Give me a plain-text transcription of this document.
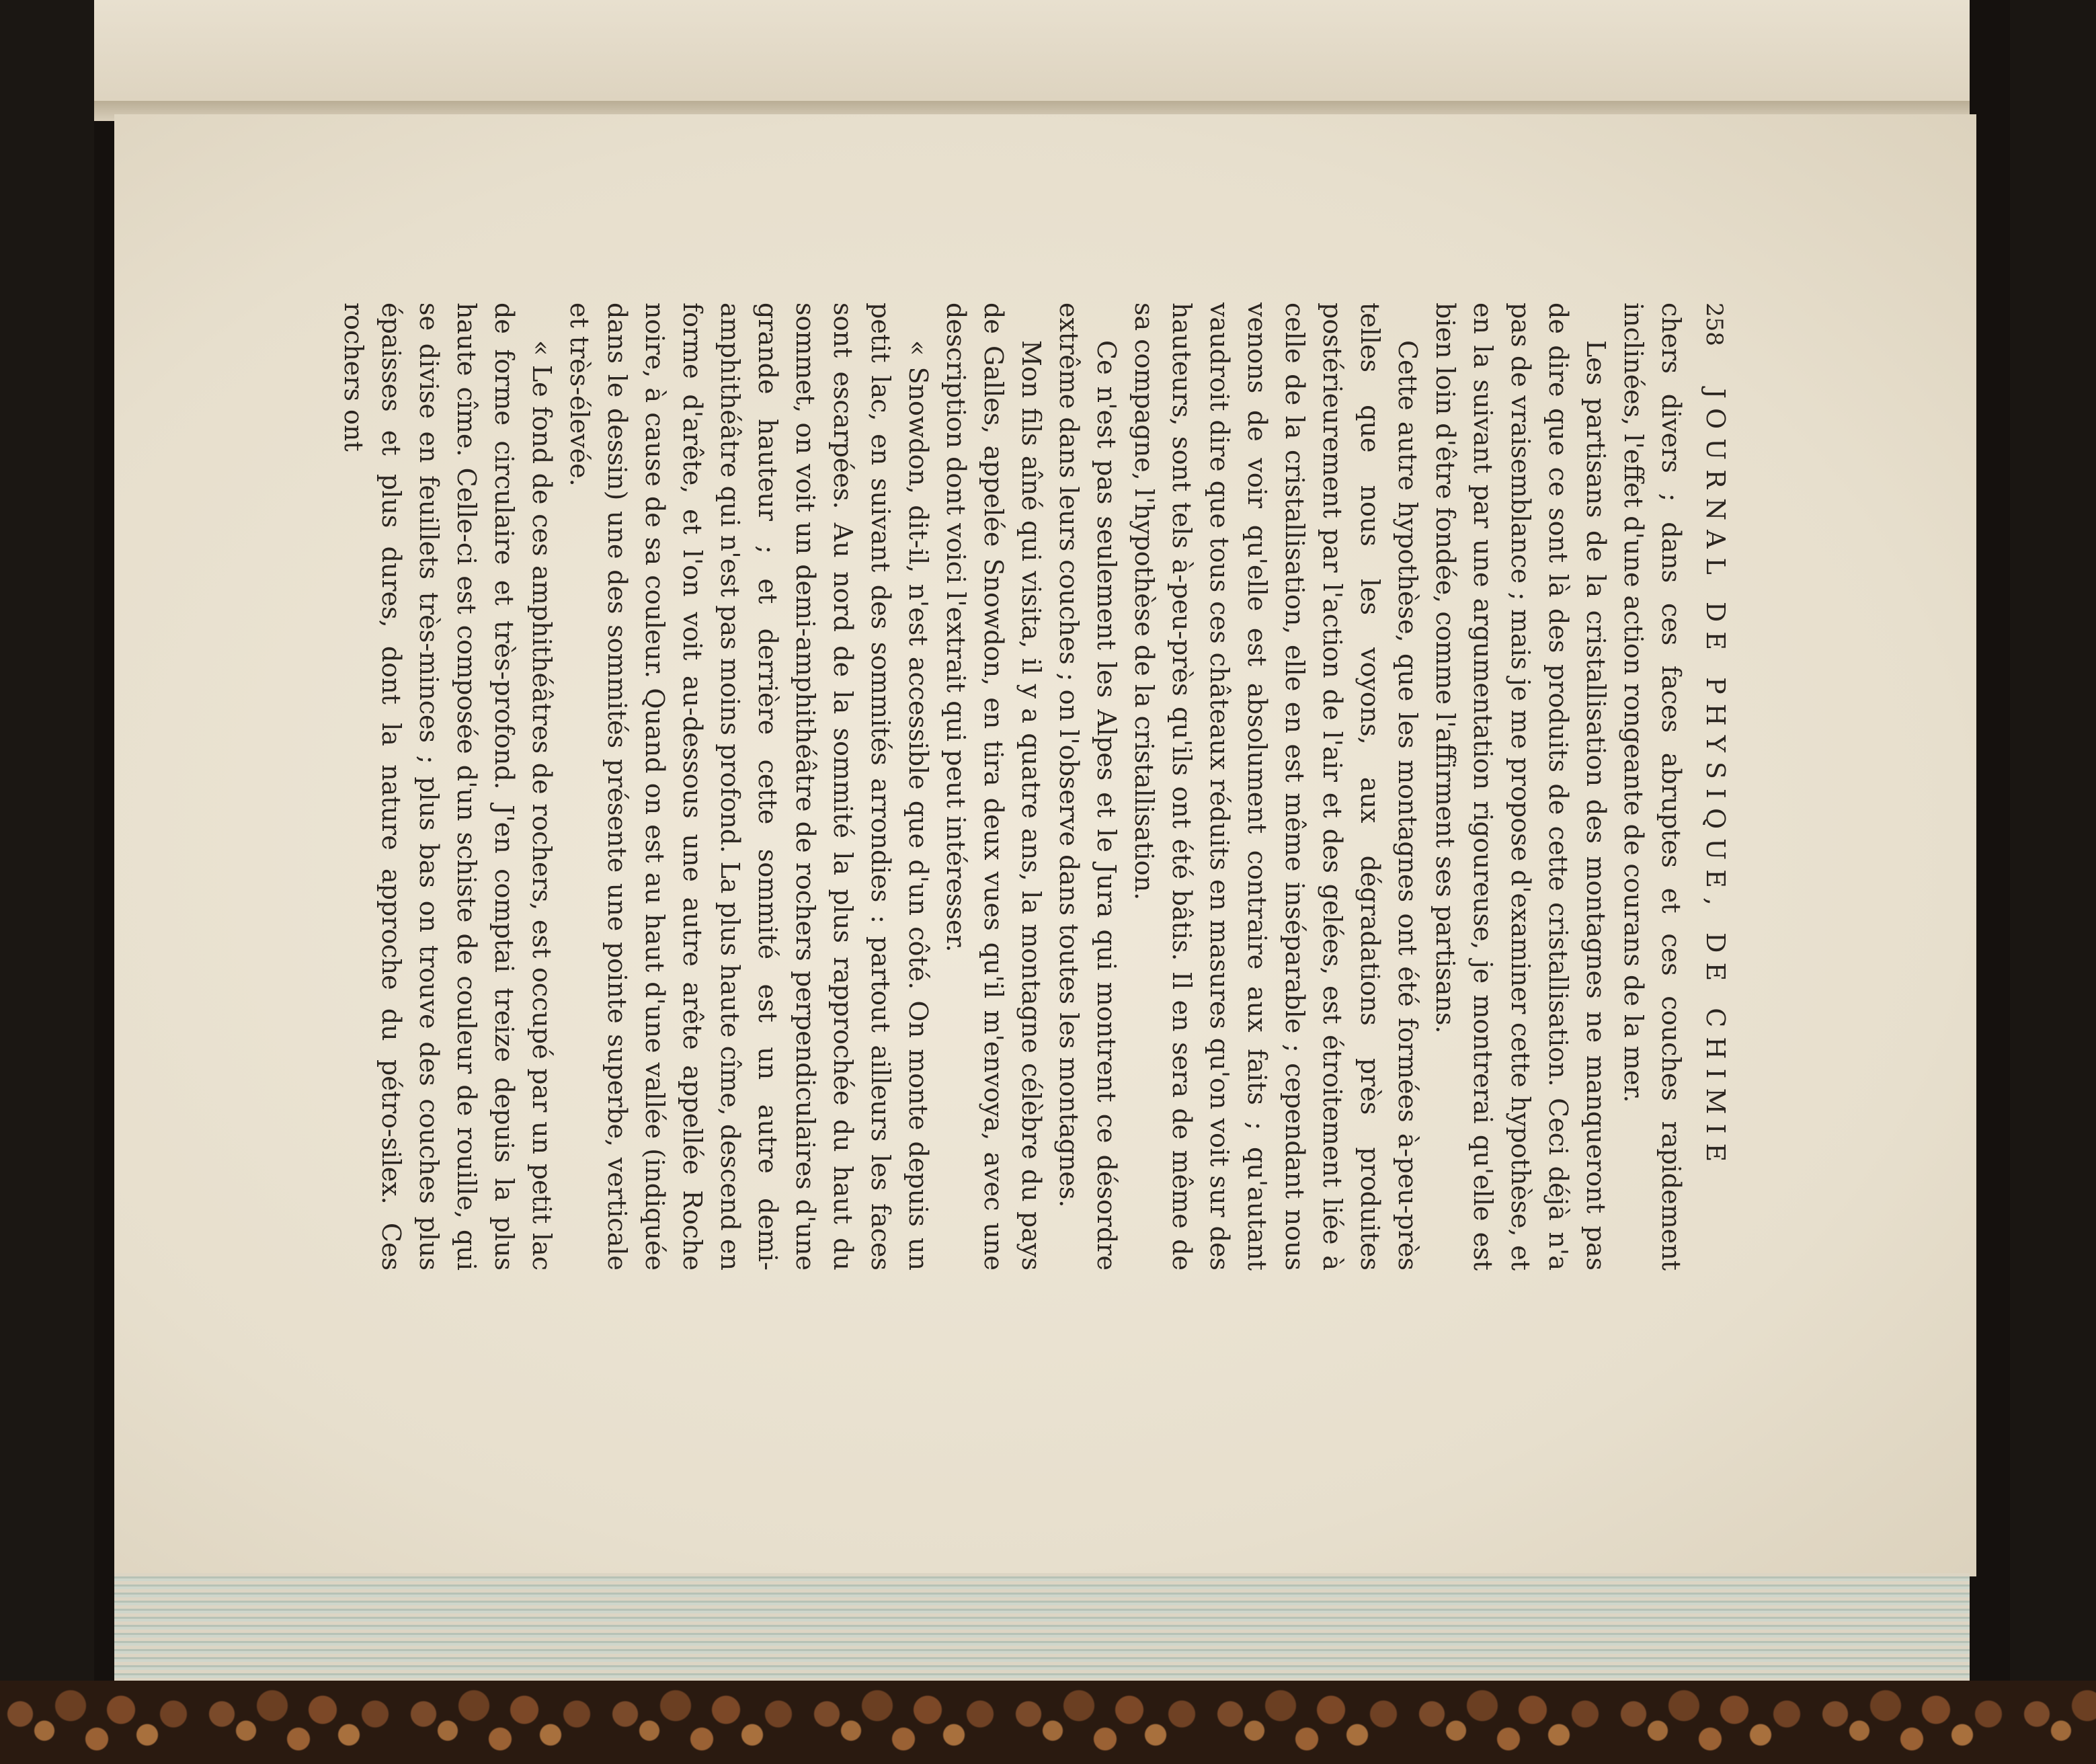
258
JOURNAL DE PHYSIQUE, DE CHIMIE

chers divers ; dans ces faces abruptes et ces couches rapidement inclinées, l'effet d'une action rongeante de courans de la mer.

Les partisans de la cristallisation des montagnes ne manqueront pas de dire que ce sont là des produits de cette cristallisation. Ceci déjà n'a pas de vraisemblance ; mais je me propose d'examiner cette hypothèse, et en la suivant par une argumentation rigoureuse, je montrerai qu'elle est bien loin d'être fondée, comme l'affirment ses partisans.

Cette autre hypothèse, que les montagnes ont été formées à-peu-près telles que nous les voyons, aux dégradations près produites postérieurement par l'action de l'air et des gelées, est étroitement liée à celle de la cristallisation, elle en est même inséparable ; cependant nous venons de voir qu'elle est absolument contraire aux faits ; qu'autant vaudroit dire que tous ces châteaux réduits en masures qu'on voit sur des hauteurs, sont tels à-peu-près qu'ils ont été bâtis. Il en sera de même de sa compagne, l'hypothèse de la cristallisation.

Ce n'est pas seulement les Alpes et le Jura qui montrent ce désordre extrême dans leurs couches ; on l'observe dans toutes les montagnes.

Mon fils aîné qui visita, il y a quatre ans, la montagne célèbre du pays de Galles, appelée Snowdon, en tira deux vues qu'il m'envoya, avec une description dont voici l'extrait qui peut intéresser.

« Snowdon, dit-il, n'est accessible que d'un côté. On monte depuis un petit lac, en suivant des sommités arrondies : partout ailleurs les faces sont escarpées. Au nord de la sommité la plus rapprochée du haut du sommet, on voit un demi-amphithéâtre de rochers perpendiculaires d'une grande hauteur ; et derrière cette sommité est un autre demi-amphithéâtre qui n'est pas moins profond. La plus haute cîme, descend en forme d'arête, et l'on voit au-dessous une autre arête appellée Roche noire, à cause de sa couleur. Quand on est au haut d'une vallée (indiquée dans le dessin) une des sommités présente une pointe superbe, verticale et très-élevée.

« Le fond de ces amphithéâtres de rochers, est occupé par un petit lac de forme circulaire et très-profond. J'en comptai treize depuis la plus haute cîme. Celle-ci est composée d'un schiste de couleur de rouille, qui se divise en feuillets très-minces ; plus bas on trouve des couches plus épaisses et plus dures, dont la nature approche du pétro-silex. Ces rochers ont
